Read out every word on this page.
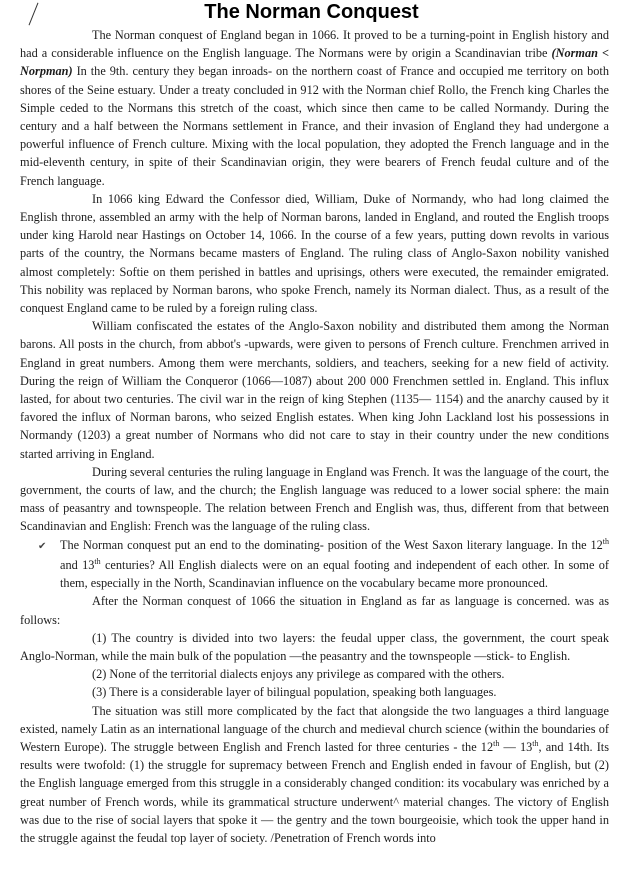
The Norman Conquest

The Norman conquest of England began in 1066. It proved to be a turning-point in English history and had a considerable influence on the English language. The Normans were by origin a Scandinavian tribe (Norman < Norpman) In the 9th. century they began inroads- on the northern coast of France and occupied me territory on both shores of the Seine estuary. Under a treaty concluded in 912 with the Norman chief Rollo, the French king Charles the Simple ceded to the Normans this stretch of the coast, which since then came to be called Normandy. During the century and a half between the Normans settlement in France, and their invasion of England they had undergone a powerful influence of French culture. Mixing with the local population, they adopted the French language and in the mid-eleventh century, in spite of their Scandinavian origin, they were bearers of French feudal culture and of the French language.

In 1066 king Edward the Confessor died, William, Duke of Normandy, who had long claimed the English throne, assembled an army with the help of Norman barons, landed in England, and routed the English troops under king Harold near Hastings on October 14, 1066. In the course of a few years, putting down revolts in various parts of the country, the Normans became masters of England. The ruling class of Anglo-Saxon nobility vanished almost completely: Softie on them perished in battles and uprisings, others were executed, the remainder emigrated. This nobility was replaced by Norman barons, who spoke French, namely its Norman dialect. Thus, as a result of the conquest England came to be ruled by a foreign ruling class.

William confiscated the estates of the Anglo-Saxon nobility and distributed them among the Norman barons. All posts in the church, from abbot's -upwards, were given to persons of French culture. Frenchmen arrived in England in great numbers. Among them were merchants, soldiers, and teachers, seeking for a new field of activity. During the reign of William the Conqueror (1066—1087) about 200 000 Frenchmen settled in. England. This influx lasted, for about two centuries. The civil war in the reign of king Stephen (1135— 1154) and the anarchy caused by it favored the influx of Norman barons, who seized English estates. When king John Lackland lost his possessions in Normandy (1203) a great number of Normans who did not care to stay in their country under the new conditions started arriving in England.

During several centuries the ruling language in England was French. It was the language of the court, the government, the courts of law, and the church; the English language was reduced to a lower social sphere: the main mass of peasantry and townspeople. The relation between French and English was, thus, different from that between Scandinavian and English: French was the language of the ruling class.

✔ The Norman conquest put an end to the dominating- position of the West Saxon literary language. In the 12th and 13th centuries? All English dialects were on an equal footing and independent of each other. In some of them, especially in the North, Scandinavian influence on the vocabulary became more pronounced.

After the Norman conquest of 1066 the situation in England as far as language is concerned. was as follows:

(1) The country is divided into two layers: the feudal upper class, the government, the court speak Anglo-Norman, while the main bulk of the population —the peasantry and the townspeople —stick- to English.

(2) None of the territorial dialects enjoys any privilege as compared with the others.

(3) There is a considerable layer of bilingual population, speaking both languages.

The situation was still more complicated by the fact that alongside the two languages a third language existed, namely Latin as an international language of the church and medieval church science (within the boundaries of Western Europe). The struggle between English and French lasted for three centuries - the 12th — 13th, and 14th. Its results were twofold: (1) the struggle for supremacy between French and English ended in favour of English, but (2) the English language emerged from this struggle in a considerably changed condition: its vocabulary was enriched by a great number of French words, while its grammatical structure underwent^ material changes. The victory of English was due to the rise of social layers that spoke it — the gentry and the town bourgeoisie, which took the upper hand in the struggle against the feudal top layer of society. /Penetration of French words into
